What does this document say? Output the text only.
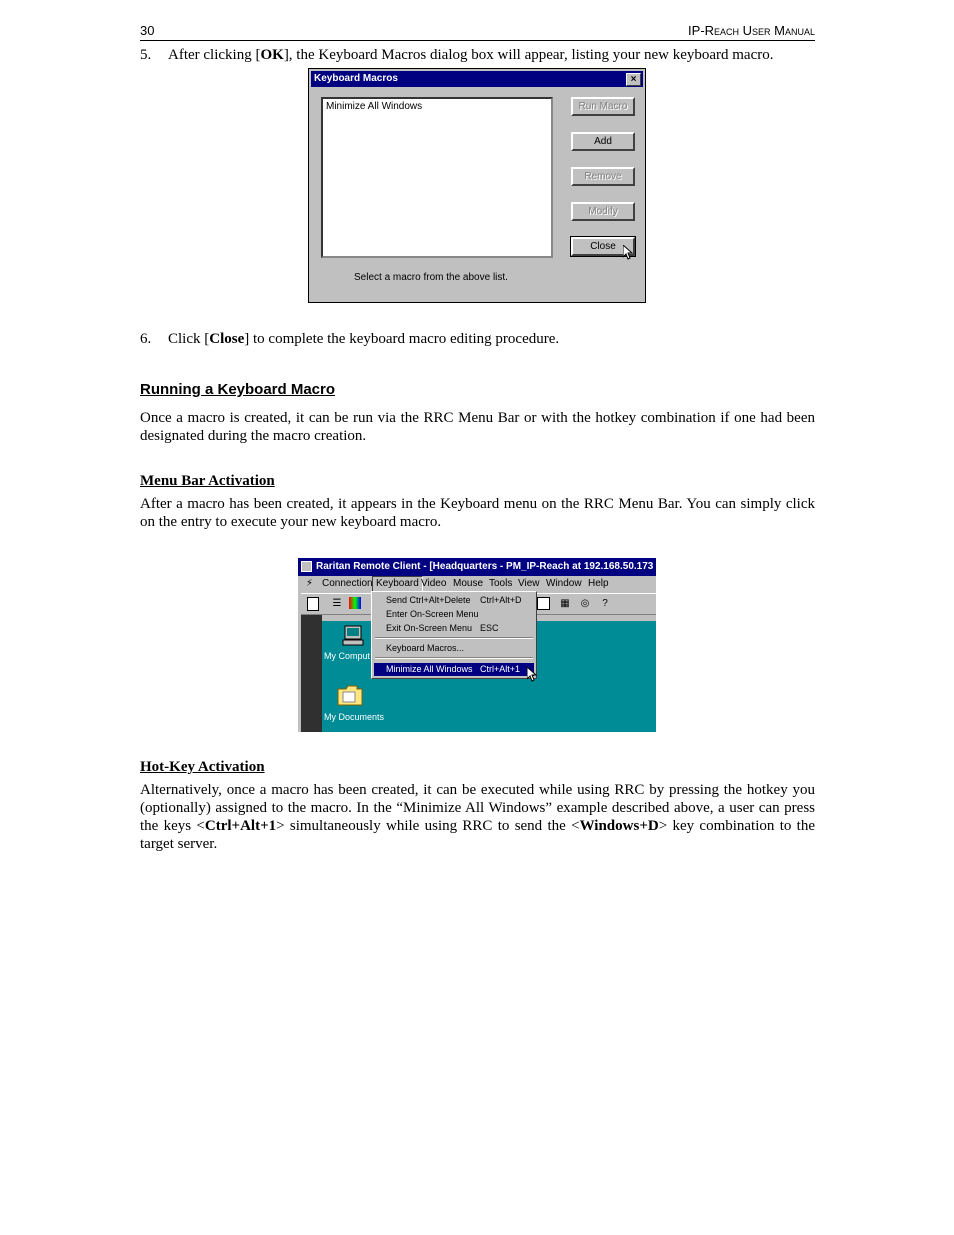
30	IP-Reach User Manual
5. After clicking [OK], the Keyboard Macros dialog box will appear, listing your new keyboard macro.
Keyboard Macros	×
Minimize All Windows	Run Macro
Add
Remove
Modify
Close
Select a macro from the above list.
6. Click [Close] to complete the keyboard macro editing procedure.
Running a Keyboard Macro

Once a macro is created, it can be run via the RRC Menu Bar or with the hotkey combination if one had been designated during the macro creation.

Menu Bar Activation

After a macro has been created, it appears in the Keyboard menu on the RRC Menu Bar. You can simply click on the entry to execute your new keyboard macro.

Raritan Remote Client - [Headquarters - PM_IP-Reach at 192.168.50.173
⚡ Connection Keyboard Video Mouse Tools View Window Help
☰	▦	◎	?
My Comput
My Documents
Send Ctrl+Alt+Delete Ctrl+Alt+D
Enter On-Screen Menu
Exit On-Screen Menu ESC
Keyboard Macros...
Minimize All Windows Ctrl+Alt+1
Hot-Key Activation

Alternatively, once a macro has been created, it can be executed while using RRC by pressing the hotkey you (optionally) assigned to the macro. In the “Minimize All Windows” example described above, a user can press the keys <Ctrl+Alt+1> simultaneously while using RRC to send the <Windows+D> key combination to the target server.
